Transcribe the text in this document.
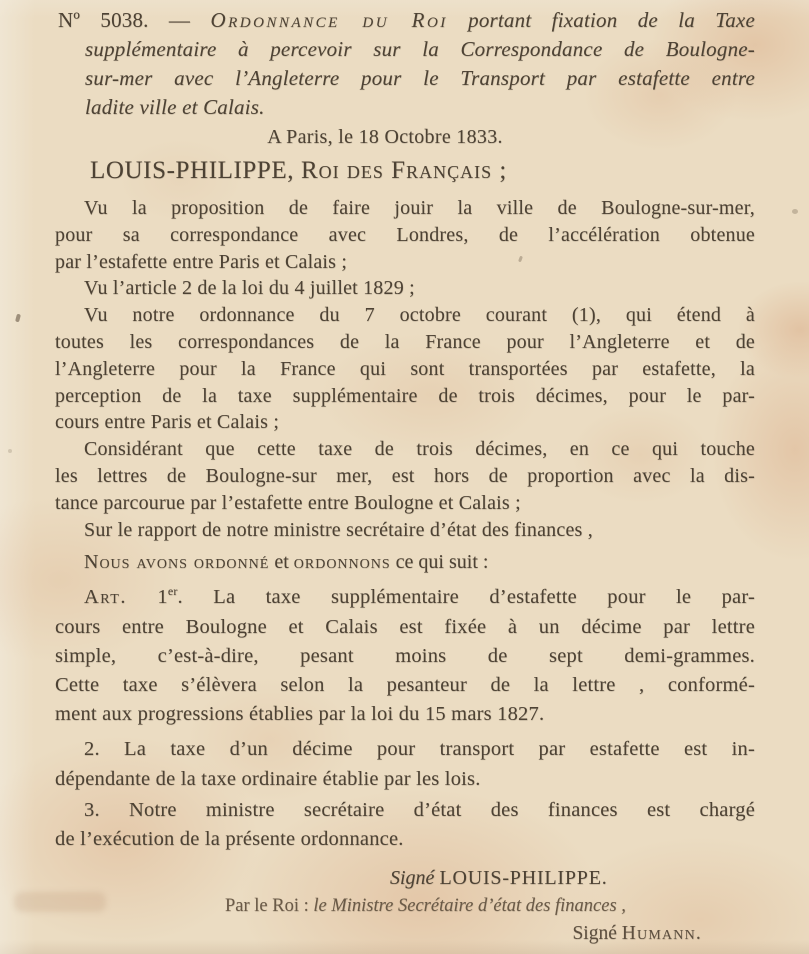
Nº 5038. — Ordonnance du Roi portant fixation de la Taxe
supplémentaire à percevoir sur la Correspondance de Boulogne-
sur-mer avec l’Angleterre pour le Transport par estafette entre
ladite ville et Calais.
A Paris, le 18 Octobre 1833.
LOUIS-PHILIPPE, Roi des Français ;
Vu la proposition de faire jouir la ville de Boulogne-sur-mer,
pour sa correspondance avec Londres, de l’accélération obtenue
par l’estafette entre Paris et Calais ;
Vu l’article 2 de la loi du 4 juillet 1829 ;
Vu notre ordonnance du 7 octobre courant (1), qui étend à
toutes les correspondances de la France pour l’Angleterre et de
l’Angleterre pour la France qui sont transportées par estafette, la
perception de la taxe supplémentaire de trois décimes, pour le par-
cours entre Paris et Calais ;
Considérant que cette taxe de trois décimes, en ce qui touche
les lettres de Boulogne-sur mer, est hors de proportion avec la dis-
tance parcourue par l’estafette entre Boulogne et Calais ;
Sur le rapport de notre ministre secrétaire d’état des finances ,
Nous avons ordonné et ordonnons ce qui suit :
Art. 1er. La taxe supplémentaire d’estafette pour le par-
cours entre Boulogne et Calais est fixée à un décime par lettre
simple, c’est-à-dire, pesant moins de sept demi-grammes.
Cette taxe s’élèvera selon la pesanteur de la lettre , conformé-
ment aux progressions établies par la loi du 15 mars 1827.
2. La taxe d’un décime pour transport par estafette est in-
dépendante de la taxe ordinaire établie par les lois.
3. Notre ministre secrétaire d’état des finances est chargé
de l’exécution de la présente ordonnance.
Signé LOUIS-PHILIPPE.
Par le Roi : le Ministre Secrétaire d’état des finances ,
Signé Humann.
